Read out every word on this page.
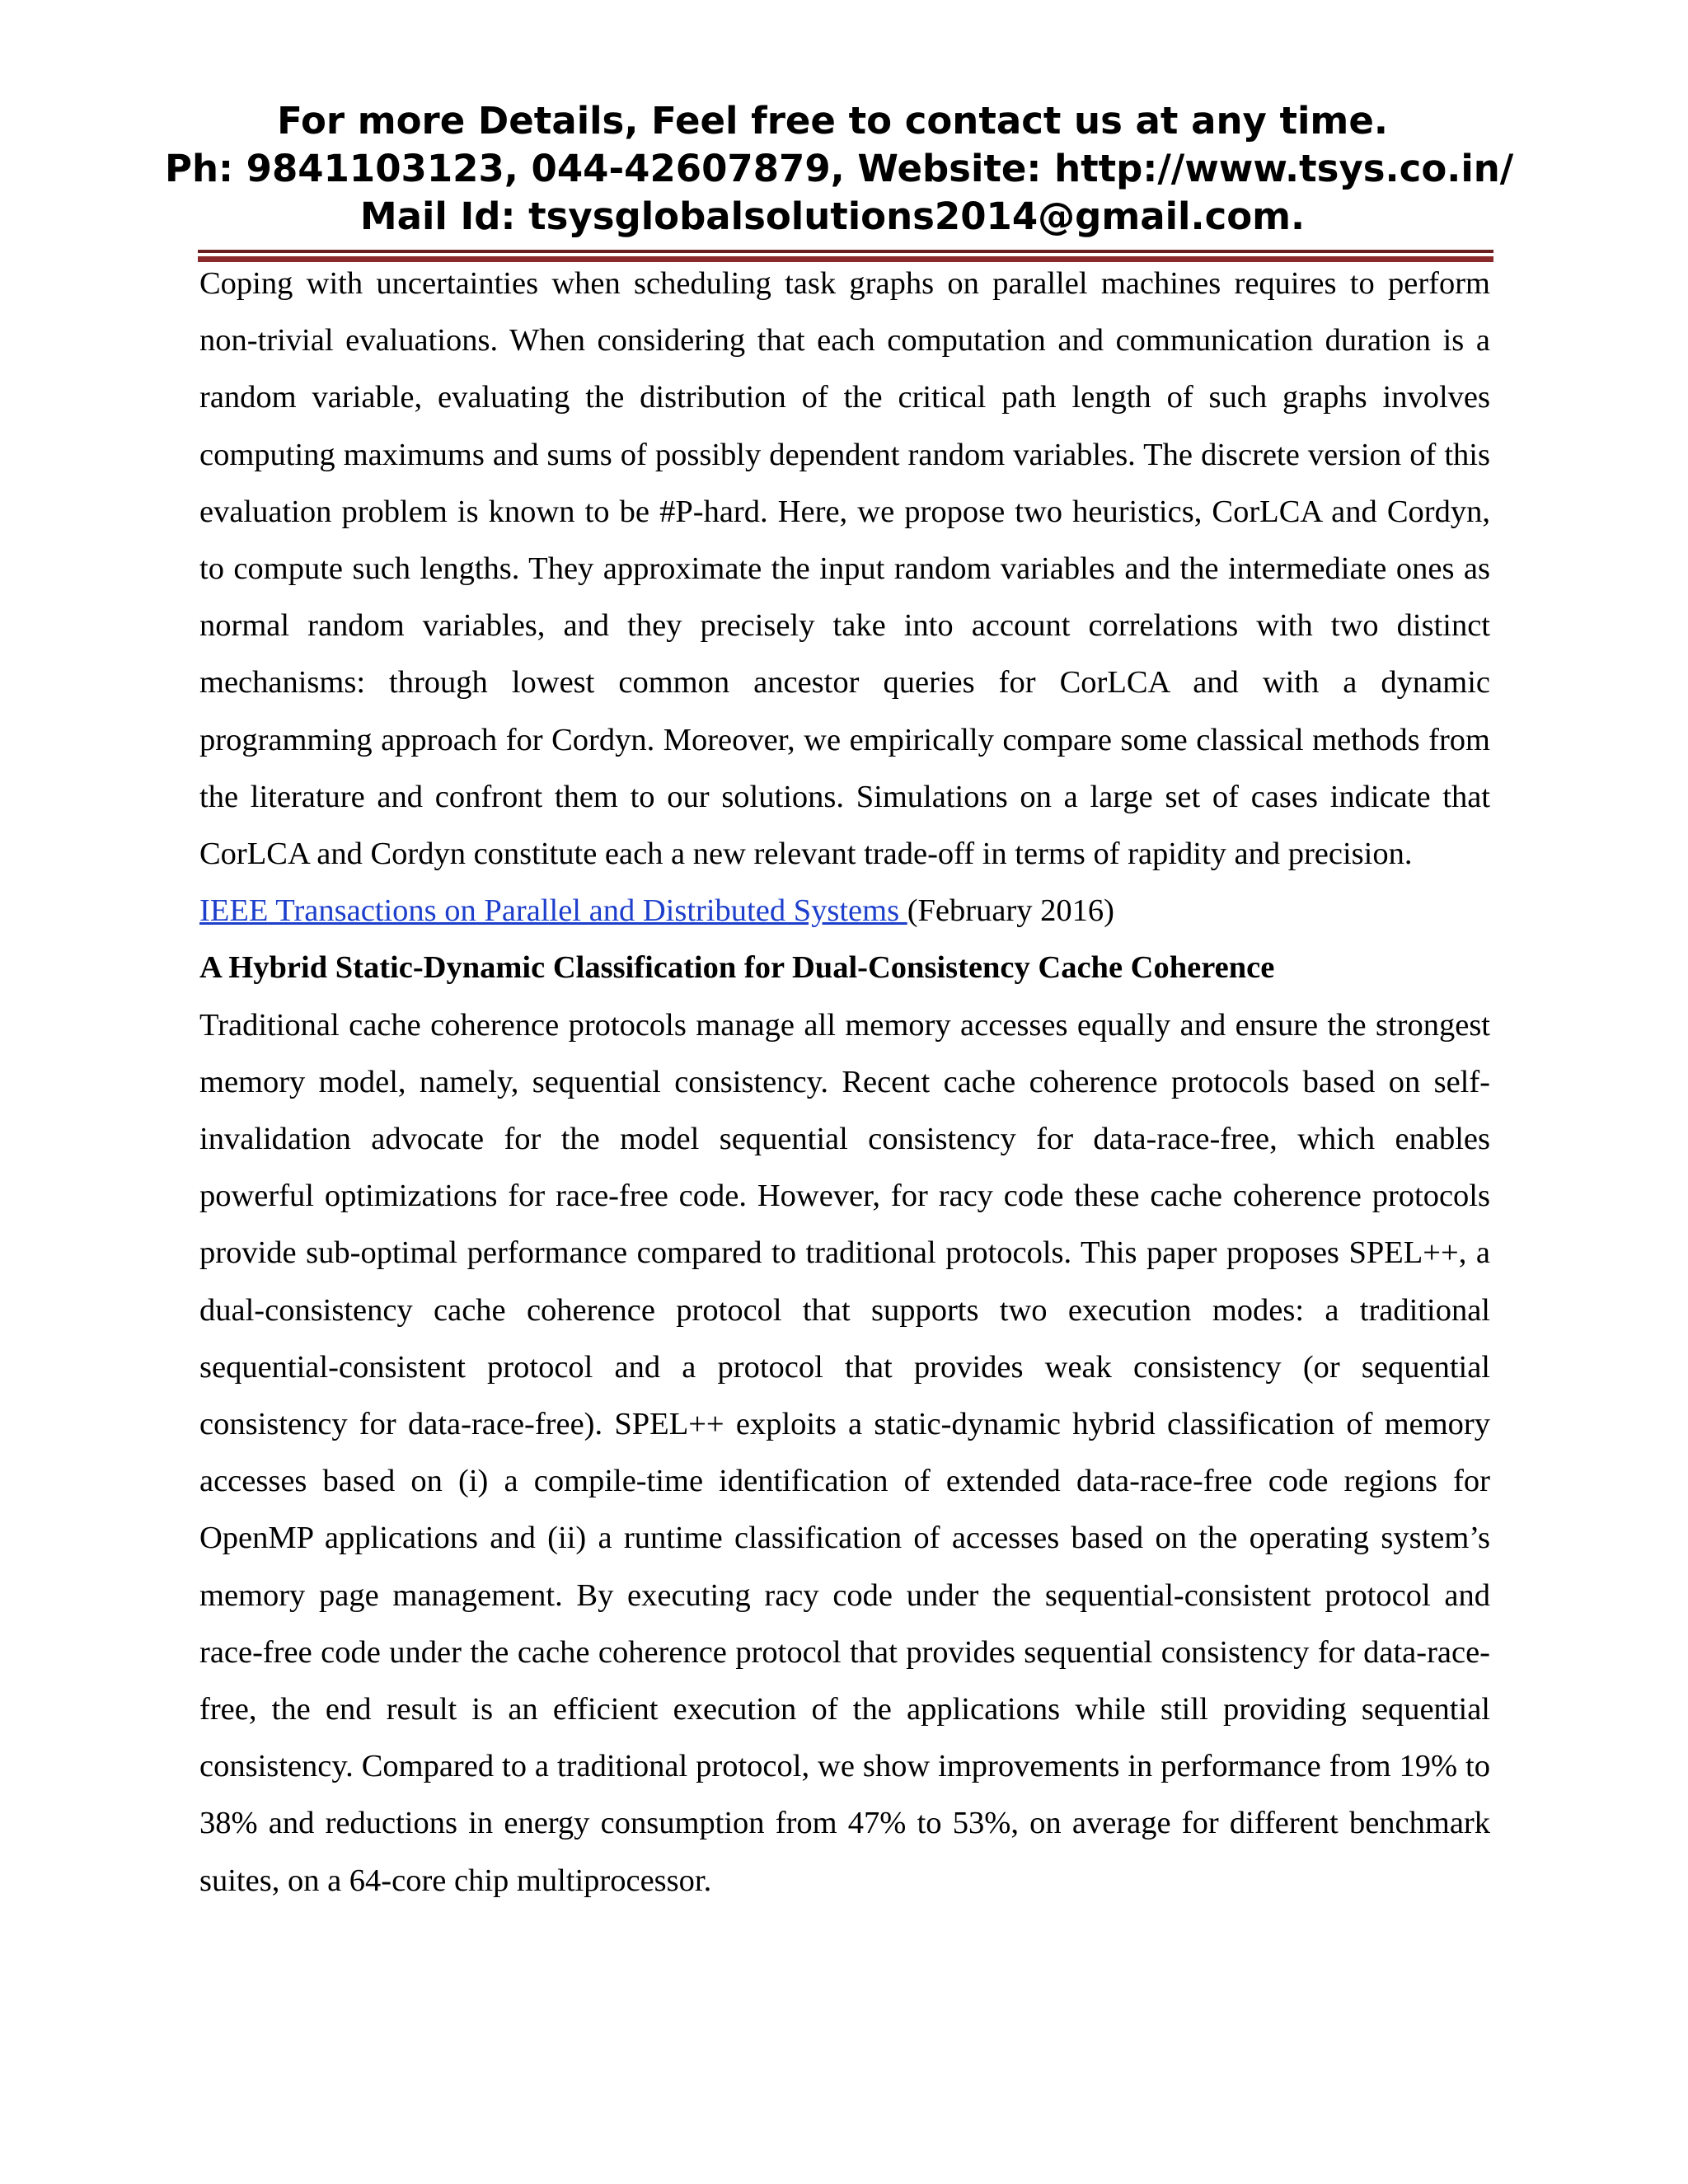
For more Details, Feel free to contact us at any time.
Ph: 9841103123, 044-42607879, Website: http://www.tsys.co.in/
Mail Id: tsysglobalsolutions2014@gmail.com.

Coping with uncertainties when scheduling task graphs on parallel machines requires to perform non-trivial evaluations. When considering that each computation and communication duration is a random variable, evaluating the distribution of the critical path length of such graphs involves computing maximums and sums of possibly dependent random variables. The discrete version of this evaluation problem is known to be #P-hard. Here, we propose two heuristics, CorLCA and Cordyn, to compute such lengths. They approximate the input random variables and the intermediate ones as normal random variables, and they precisely take into account correlations with two distinct mechanisms: through lowest common ancestor queries for CorLCA and with a dynamic programming approach for Cordyn. Moreover, we empirically compare some classical methods from the literature and confront them to our solutions. Simulations on a large set of cases indicate that CorLCA and Cordyn constitute each a new relevant trade-off in terms of rapidity and precision.

IEEE Transactions on Parallel and Distributed Systems (February 2016)

A Hybrid Static-Dynamic Classification for Dual-Consistency Cache Coherence

Traditional cache coherence protocols manage all memory accesses equally and ensure the strongest memory model, namely, sequential consistency. Recent cache coherence protocols based on self-invalidation advocate for the model sequential consistency for data-race-free, which enables powerful optimizations for race-free code. However, for racy code these cache coherence protocols provide sub-optimal performance compared to traditional protocols. This paper proposes SPEL++, a dual-consistency cache coherence protocol that supports two execution modes: a traditional sequential-consistent protocol and a protocol that provides weak consistency (or sequential consistency for data-race-free). SPEL++ exploits a static-dynamic hybrid classification of memory accesses based on (i) a compile-time identification of extended data-race-free code regions for OpenMP applications and (ii) a runtime classification of accesses based on the operating system’s memory page management. By executing racy code under the sequential-consistent protocol and race-free code under the cache coherence protocol that provides sequential consistency for data-race-free, the end result is an efficient execution of the applications while still providing sequential consistency. Compared to a traditional protocol, we show improvements in performance from 19% to 38% and reductions in energy consumption from 47% to 53%, on average for different benchmark suites, on a 64-core chip multiprocessor.
